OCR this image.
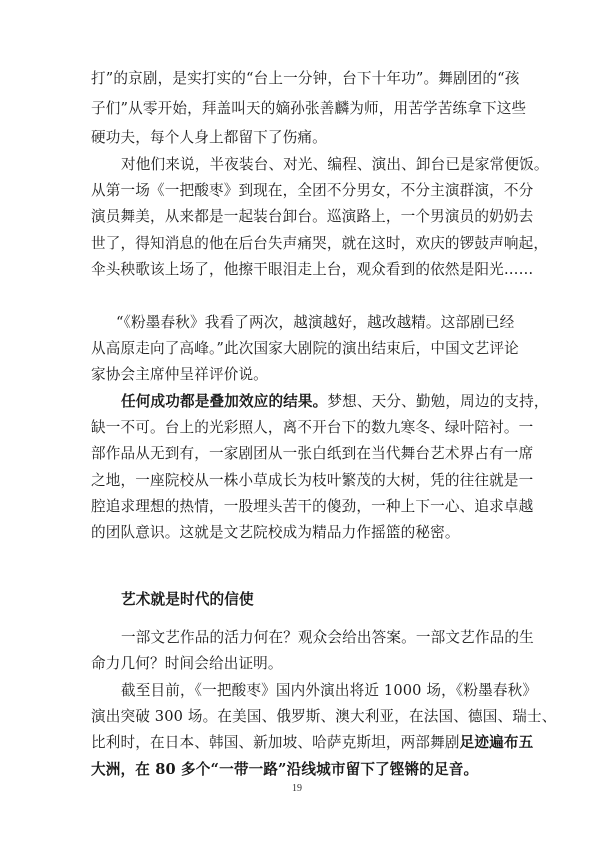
打”的京剧，是实打实的“台上一分钟，台下十年功”。舞剧团的“孩
子们”从零开始，拜盖叫天的嫡孙张善麟为师，用苦学苦练拿下这些
硬功夫，每个人身上都留下了伤痛。
对他们来说，半夜装台、对光、编程、演出、卸台已是家常便饭。
从第一场《一把酸枣》到现在，全团不分男女，不分主演群演，不分
演员舞美，从来都是一起装台卸台。巡演路上，一个男演员的奶奶去
世了，得知消息的他在后台失声痛哭，就在这时，欢庆的锣鼓声响起，
伞头秧歌该上场了，他擦干眼泪走上台，观众看到的依然是阳光……
“《粉墨春秋》我看了两次，越演越好，越改越精。这部剧已经
从高原走向了高峰。”此次国家大剧院的演出结束后，中国文艺评论
家协会主席仲呈祥评价说。
任何成功都是叠加效应的结果。梦想、天分、勤勉，周边的支持，
缺一不可。台上的光彩照人，离不开台下的数九寒冬、绿叶陪衬。一
部作品从无到有，一家剧团从一张白纸到在当代舞台艺术界占有一席
之地，一座院校从一株小草成长为枝叶繁茂的大树，凭的往往就是一
腔追求理想的热情，一股埋头苦干的傻劲，一种上下一心、追求卓越
的团队意识。这就是文艺院校成为精品力作摇篮的秘密。
艺术就是时代的信使
一部文艺作品的活力何在？观众会给出答案。一部文艺作品的生
命力几何？时间会给出证明。
截至目前，《一把酸枣》国内外演出将近 1000 场，《粉墨春秋》
演出突破 300 场。在美国、俄罗斯、澳大利亚，在法国、德国、瑞士、
比利时，在日本、韩国、新加坡、哈萨克斯坦，两部舞剧足迹遍布五
大洲，在 80 多个“一带一路”沿线城市留下了铿锵的足音。
19
